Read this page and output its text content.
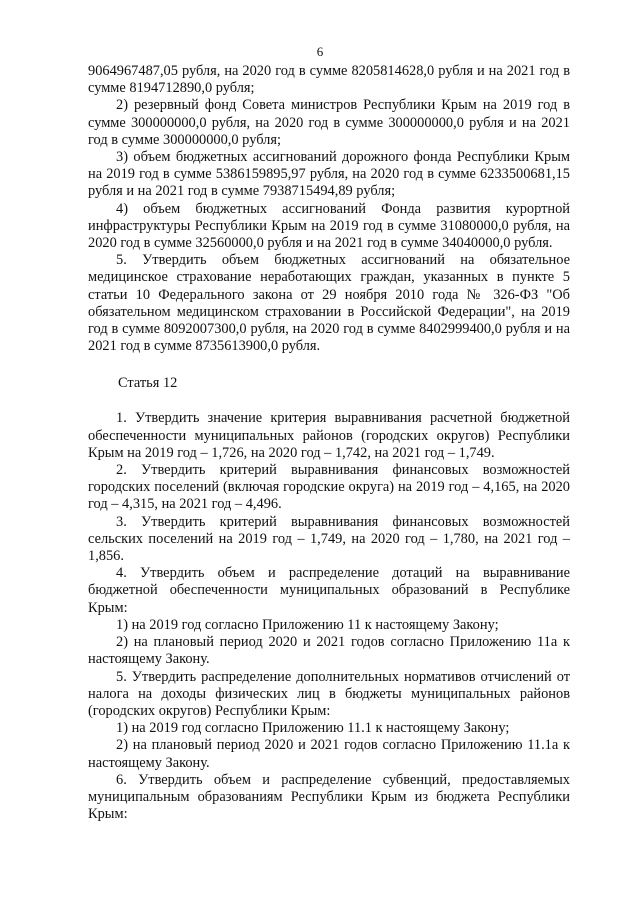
6

9064967487,05 рубля, на 2020 год в сумме 8205814628,0 рубля и на 2021 год в сумме 8194712890,0 рубля;

2) резервный фонд Совета министров Республики Крым на 2019 год в сумме 300000000,0 рубля, на 2020 год в сумме 300000000,0 рубля и на 2021 год в сумме 300000000,0 рубля;

3) объем бюджетных ассигнований дорожного фонда Республики Крым на 2019 год в сумме 5386159895,97 рубля, на 2020 год в сумме 6233500681,15 рубля и на 2021 год в сумме 7938715494,89 рубля;

4) объем бюджетных ассигнований Фонда развития курортной инфраструктуры Республики Крым на 2019 год в сумме 31080000,0 рубля, на 2020 год в сумме 32560000,0 рубля и на 2021 год в сумме 34040000,0 рубля.

5. Утвердить объем бюджетных ассигнований на обязательное медицинское страхование неработающих граждан, указанных в пункте 5 статьи 10 Федерального закона от 29 ноября 2010 года № 326-ФЗ "Об обязательном медицинском страховании в Российской Федерации", на 2019 год в сумме 8092007300,0 рубля, на 2020 год в сумме 8402999400,0 рубля и на 2021 год в сумме 8735613900,0 рубля.

Статья 12

1. Утвердить значение критерия выравнивания расчетной бюджетной обеспеченности муниципальных районов (городских округов) Республики Крым на 2019 год – 1,726, на 2020 год – 1,742, на 2021 год – 1,749.

2. Утвердить критерий выравнивания финансовых возможностей городских поселений (включая городские округа) на 2019 год – 4,165, на 2020 год – 4,315, на 2021 год – 4,496.

3. Утвердить критерий выравнивания финансовых возможностей сельских поселений на 2019 год – 1,749, на 2020 год – 1,780, на 2021 год – 1,856.

4. Утвердить объем и распределение дотаций на выравнивание бюджетной обеспеченности муниципальных образований в Республике Крым:

1) на 2019 год согласно Приложению 11 к настоящему Закону;

2) на плановый период 2020 и 2021 годов согласно Приложению 11а к настоящему Закону.

5. Утвердить распределение дополнительных нормативов отчислений от налога на доходы физических лиц в бюджеты муниципальных районов (городских округов) Республики Крым:

1) на 2019 год согласно Приложению 11.1 к настоящему Закону;

2) на плановый период 2020 и 2021 годов согласно Приложению 11.1а к настоящему Закону.

6. Утвердить объем и распределение субвенций, предоставляемых муниципальным образованиям Республики Крым из бюджета Республики Крым:
